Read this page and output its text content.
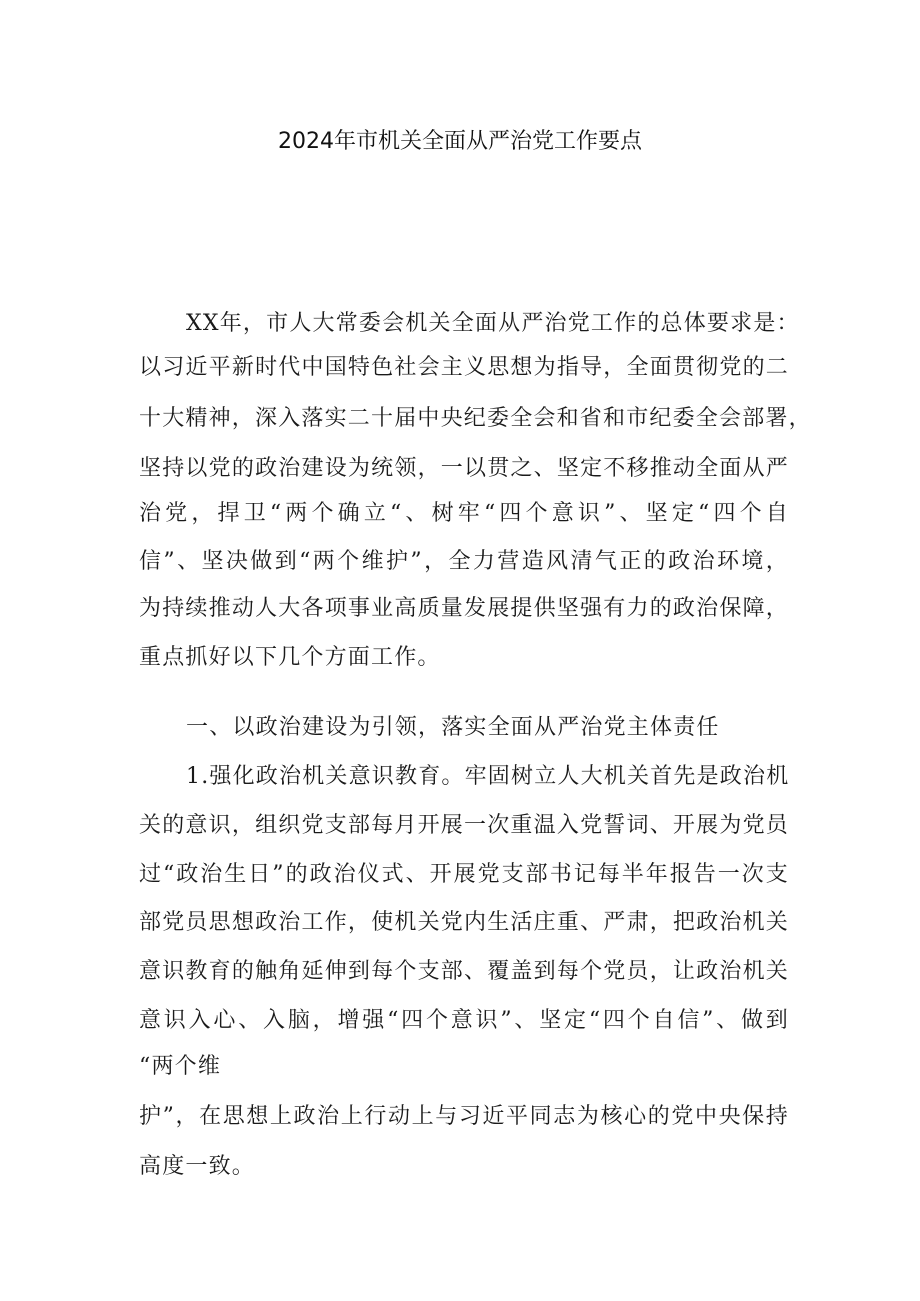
2024年市机关全面从严治党工作要点
XX年，市人大常委会机关全面从严治党工作的总体要求是：
以习近平新时代中国特色社会主义思想为指导，全面贯彻党的二
十大精神，深入落实二十届中央纪委全会和省和市纪委全会部署，
坚持以党的政治建设为统领，一以贯之、坚定不移推动全面从严
治党，捍卫“两个确立“、树牢“四个意识”、坚定“四个自
信”、坚决做到“两个维护”，全力营造风清气正的政治环境，
为持续推动人大各项事业高质量发展提供坚强有力的政治保障，
重点抓好以下几个方面工作。
一、以政治建设为引领，落实全面从严治党主体责任
1.强化政治机关意识教育。牢固树立人大机关首先是政治机
关的意识，组织党支部每月开展一次重温入党誓词、开展为党员
过“政治生日”的政治仪式、开展党支部书记每半年报告一次支
部党员思想政治工作，使机关党内生活庄重、严肃，把政治机关
意识教育的触角延伸到每个支部、覆盖到每个党员，让政治机关
意识入心、入脑，增强“四个意识”、坚定“四个自信”、做到
“两个维
护”，在思想上政治上行动上与习近平同志为核心的党中央保持
高度一致。
